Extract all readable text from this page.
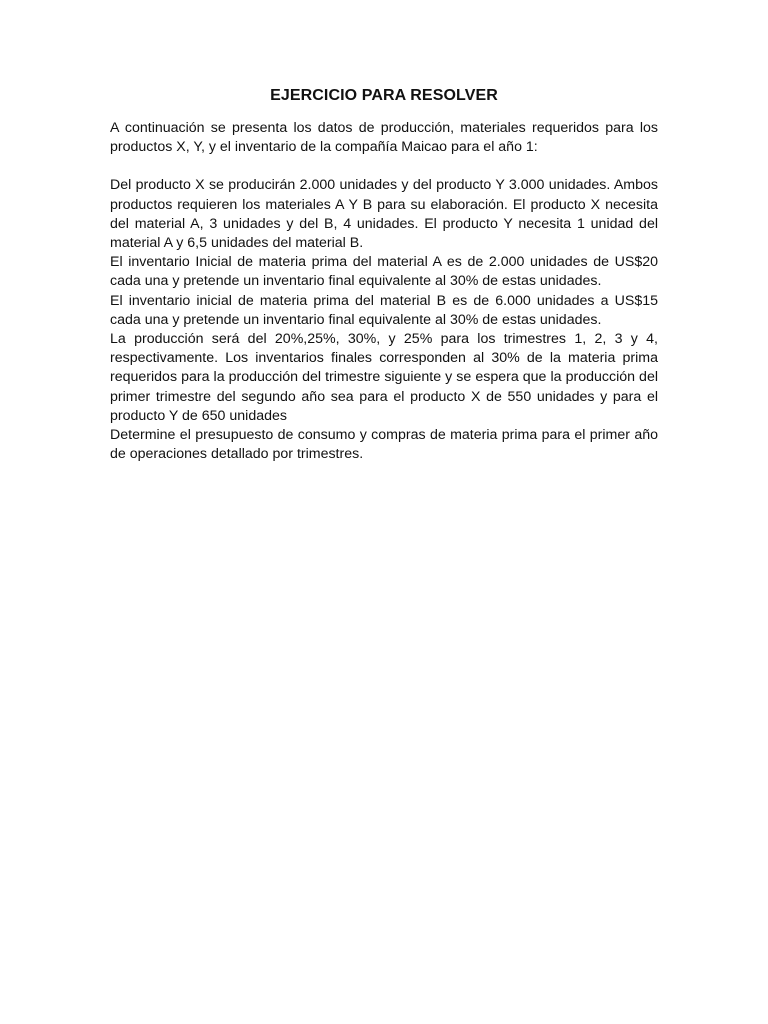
EJERCICIO PARA RESOLVER

A continuación se presenta los datos de producción, materiales requeridos para los productos X, Y, y el inventario de la compañía Maicao para el año 1:

Del producto X se producirán 2.000 unidades y del producto Y 3.000 unidades. Ambos productos requieren los materiales A Y B para su elaboración. El producto X necesita del material A, 3 unidades y del B, 4 unidades. El producto Y necesita 1 unidad del material A y 6,5 unidades del material B.

El inventario Inicial de materia prima del material A es de 2.000 unidades de US$20 cada una y pretende un inventario final equivalente al 30% de estas unidades.

El inventario inicial de materia prima del material B es de 6.000 unidades a US$15 cada una y pretende un inventario final equivalente al 30% de estas unidades.

La producción será del 20%,25%, 30%, y 25% para los trimestres 1, 2, 3 y 4, respectivamente. Los inventarios finales corresponden al 30% de la materia prima requeridos para la producción del trimestre siguiente y se espera que la producción del primer trimestre del segundo año sea para el producto X de 550 unidades y para el producto Y de 650 unidades

Determine el presupuesto de consumo y compras de materia prima para el primer año de operaciones detallado por trimestres.
